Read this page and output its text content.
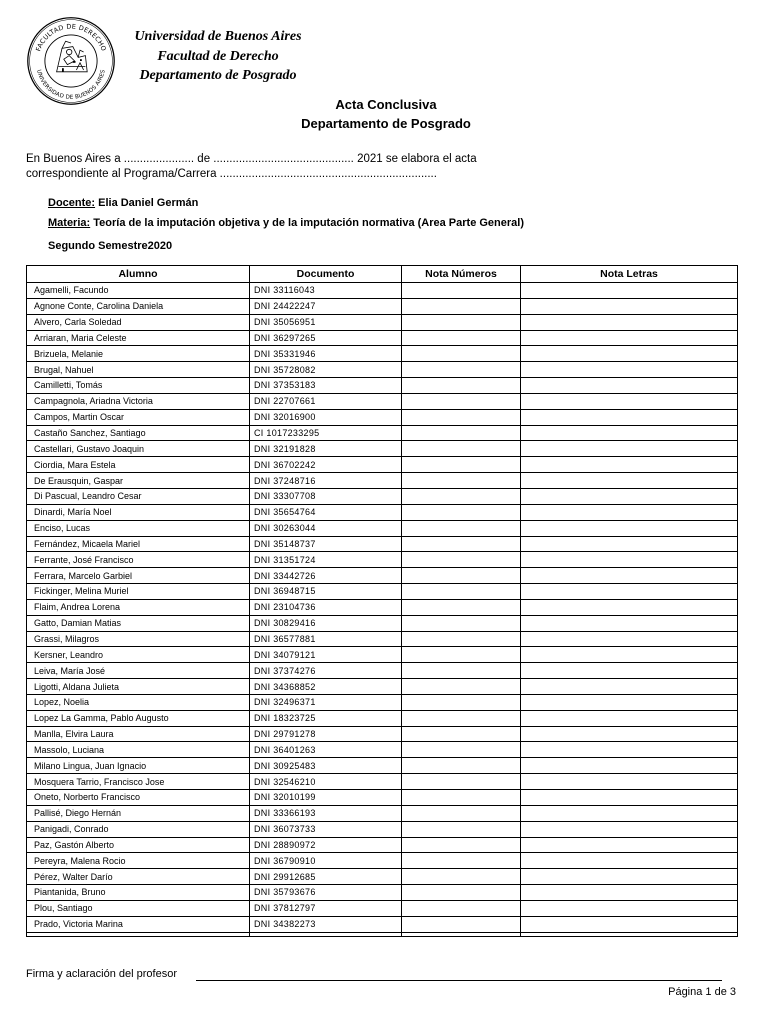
FACULTAD DE DERECHO
UNIVERSIDAD DE BUENOS AIRES
Universidad de Buenos Aires
Facultad de Derecho
Departamento de Posgrado
Acta Conclusiva
Departamento de Posgrado
En Buenos Aires a ...................... de ............................................ 2021 se elabora el acta
correspondiente al Programa/Carrera ....................................................................
Docente: Elia Daniel Germán
Materia: Teoría de la imputación objetiva y de la imputación normativa (Area Parte General)
Segundo Semestre2020
Alumno	Documento	Nota Números	Nota Letras
Agamelli, Facundo	DNI 33116043		
Agnone Conte, Carolina Daniela	DNI 24422247		
Alvero, Carla Soledad	DNI 35056951		
Arriaran, Maria Celeste	DNI 36297265		
Brizuela, Melanie	DNI 35331946		
Brugal, Nahuel	DNI 35728082		
Camilletti, Tomás	DNI 37353183		
Campagnola, Ariadna Victoria	DNI 22707661		
Campos, Martin Oscar	DNI 32016900		
Castaño Sanchez, Santiago	CI 1017233295		
Castellari, Gustavo Joaquin	DNI 32191828		
Ciordia, Mara Estela	DNI 36702242		
De Erausquin, Gaspar	DNI 37248716		
Di Pascual, Leandro Cesar	DNI 33307708		
Dinardi, María Noel	DNI 35654764		
Enciso, Lucas	DNI 30263044		
Fernández, Micaela Mariel	DNI 35148737		
Ferrante, José Francisco	DNI 31351724		
Ferrara, Marcelo Garbiel	DNI 33442726		
Fickinger, Melina Muriel	DNI 36948715		
Flaim, Andrea Lorena	DNI 23104736		
Gatto, Damian Matias	DNI 30829416		
Grassi, Milagros	DNI 36577881		
Kersner, Leandro	DNI 34079121		
Leiva, María José	DNI 37374276		
Ligotti, Aldana Julieta	DNI 34368852		
Lopez, Noelia	DNI 32496371		
Lopez La Gamma, Pablo Augusto	DNI 18323725		
Manlla, Elvira Laura	DNI 29791278		
Massolo, Luciana	DNI 36401263		
Milano Lingua, Juan Ignacio	DNI 30925483		
Mosquera Tarrio, Francisco Jose	DNI 32546210		
Oneto, Norberto Francisco	DNI 32010199		
Pallisé, Diego Hernán	DNI 33366193		
Panigadi, Conrado	DNI 36073733		
Paz, Gastón Alberto	DNI 28890972		
Pereyra, Malena Rocio	DNI 36790910		
Pérez, Walter Darío	DNI 29912685		
Piantanida, Bruno	DNI 35793676		
Plou, Santiago	DNI 37812797		
Prado, Victoria Marina	DNI 34382273		

Firma y aclaración del profesor
Página 1 de 3
